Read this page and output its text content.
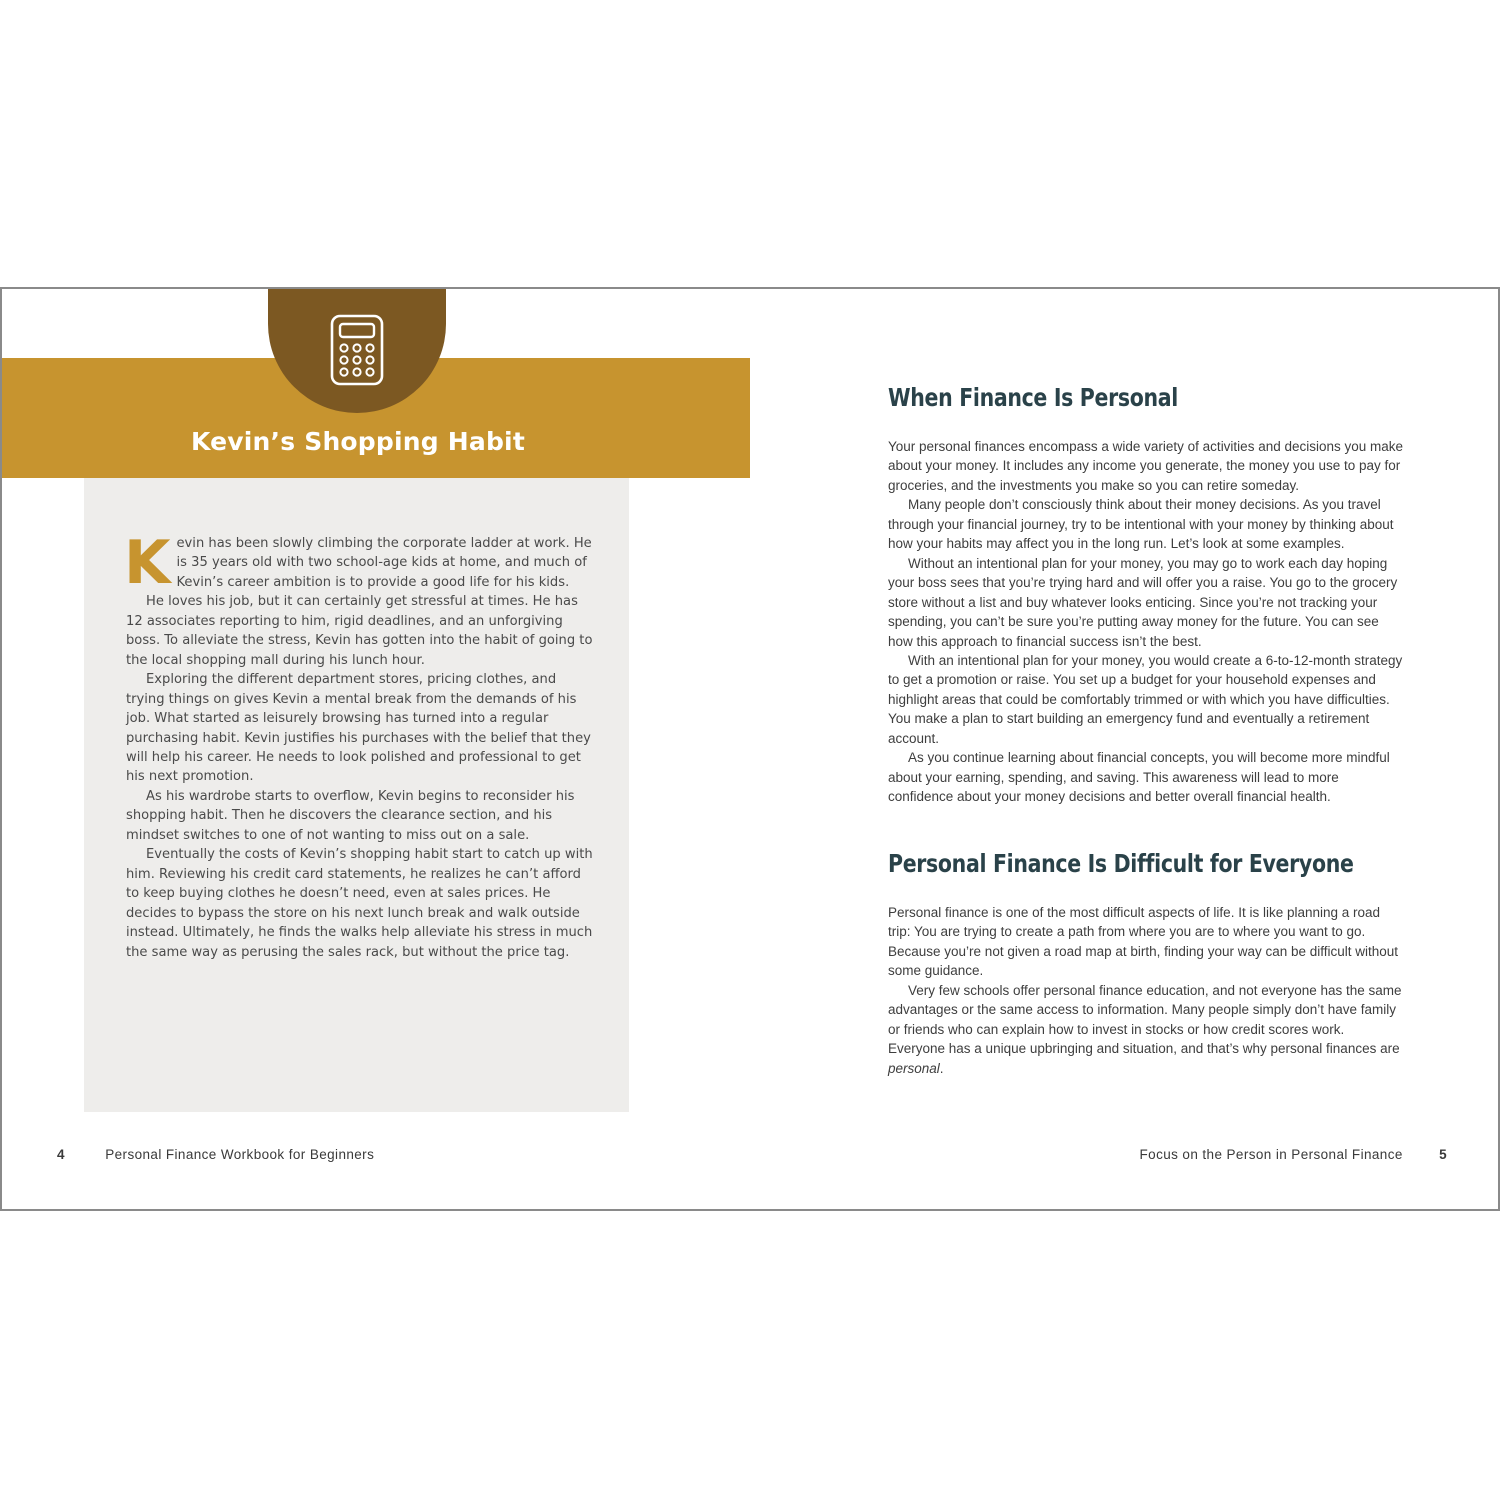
Kevin’s Shopping Habit

Kevin has been slowly climbing the corporate ladder at work. He is 35 years old with two school-age kids at home, and much of Kevin’s career ambition is to provide a good life for his kids.

He loves his job, but it can certainly get stressful at times. He has 12 associates reporting to him, rigid deadlines, and an unforgiving boss. To alleviate the stress, Kevin has gotten into the habit of going to the local shopping mall during his lunch hour.

Exploring the different department stores, pricing clothes, and trying things on gives Kevin a mental break from the demands of his job. What started as leisurely browsing has turned into a regular purchasing habit. Kevin justifies his purchases with the belief that they will help his career. He needs to look polished and professional to get his next promotion.

As his wardrobe starts to overflow, Kevin begins to reconsider his shopping habit. Then he discovers the clearance section, and his mindset switches to one of not wanting to miss out on a sale.

Eventually the costs of Kevin’s shopping habit start to catch up with him. Reviewing his credit card statements, he realizes he can’t afford to keep buying clothes he doesn’t need, even at sales prices. He decides to bypass the store on his next lunch break and walk outside instead. Ultimately, he finds the walks help alleviate his stress in much the same way as perusing the sales rack, but without the price tag.

4	Personal Finance Workbook for Beginners
When Finance Is Personal

Your personal finances encompass a wide variety of activities and decisions you make about your money. It includes any income you generate, the money you use to pay for groceries, and the investments you make so you can retire someday.

Many people don’t consciously think about their money decisions. As you travel through your financial journey, try to be intentional with your money by thinking about how your habits may affect you in the long run. Let’s look at some examples.

Without an intentional plan for your money, you may go to work each day hoping your boss sees that you’re trying hard and will offer you a raise. You go to the grocery store without a list and buy whatever looks enticing. Since you’re not tracking your spending, you can’t be sure you’re putting away money for the future. You can see how this approach to financial success isn’t the best.

With an intentional plan for your money, you would create a 6-to-12-month strategy to get a promotion or raise. You set up a budget for your household expenses and highlight areas that could be comfortably trimmed or with which you have difficulties. You make a plan to start building an emergency fund and eventually a retirement account.

As you continue learning about financial concepts, you will become more mindful about your earning, spending, and saving. This awareness will lead to more confidence about your money decisions and better overall financial health.

Personal Finance Is Difficult for Everyone

Personal finance is one of the most difficult aspects of life. It is like planning a road trip: You are trying to create a path from where you are to where you want to go. Because you’re not given a road map at birth, finding your way can be difficult without some guidance.

Very few schools offer personal finance education, and not everyone has the same advantages or the same access to information. Many people simply don’t have family or friends who can explain how to invest in stocks or how credit scores work. Everyone has a unique upbringing and situation, and that’s why personal finances are personal.

Focus on the Person in Personal Finance	5
